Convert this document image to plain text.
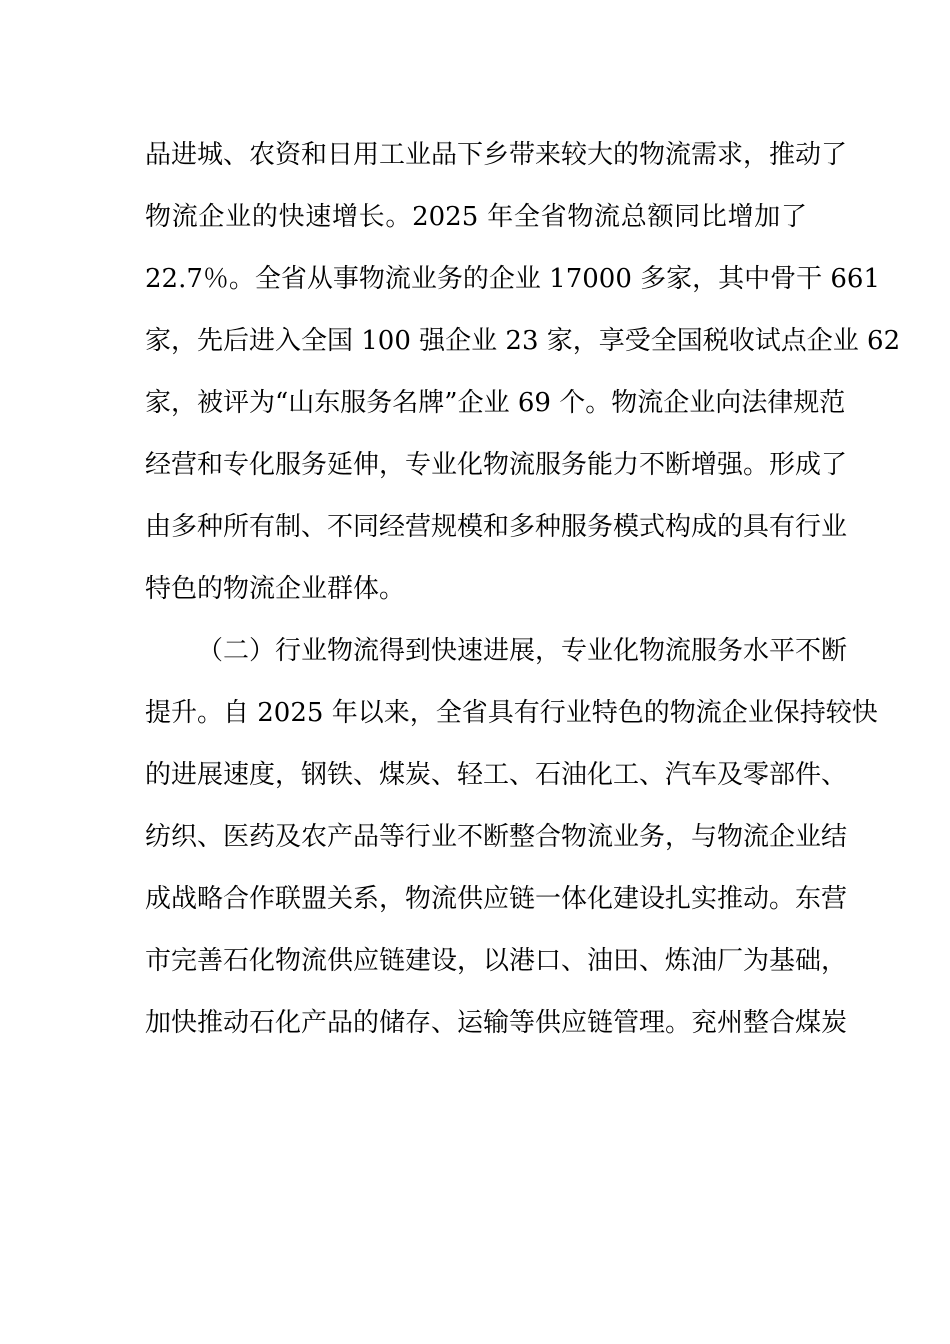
品进城、农资和日用工业品下乡带来较大的物流需求，推动了
物流企业的快速增长。2025 年全省物流总额同比增加了
22.7％。全省从事物流业务的企业 17000 多家，其中骨干 661
家，先后进入全国 100 强企业 23 家，享受全国税收试点企业 62
家，被评为“山东服务名牌”企业 69 个。物流企业向法律规范
经营和专化服务延伸，专业化物流服务能力不断增强。形成了
由多种所有制、不同经营规模和多种服务模式构成的具有行业
特色的物流企业群体。
（二）行业物流得到快速进展，专业化物流服务水平不断
提升。自 2025 年以来，全省具有行业特色的物流企业保持较快
的进展速度，钢铁、煤炭、轻工、石油化工、汽车及零部件、
纺织、医药及农产品等行业不断整合物流业务，与物流企业结
成战略合作联盟关系，物流供应链一体化建设扎实推动。东营
市完善石化物流供应链建设，以港口、油田、炼油厂为基础，
加快推动石化产品的储存、运输等供应链管理。兖州整合煤炭
